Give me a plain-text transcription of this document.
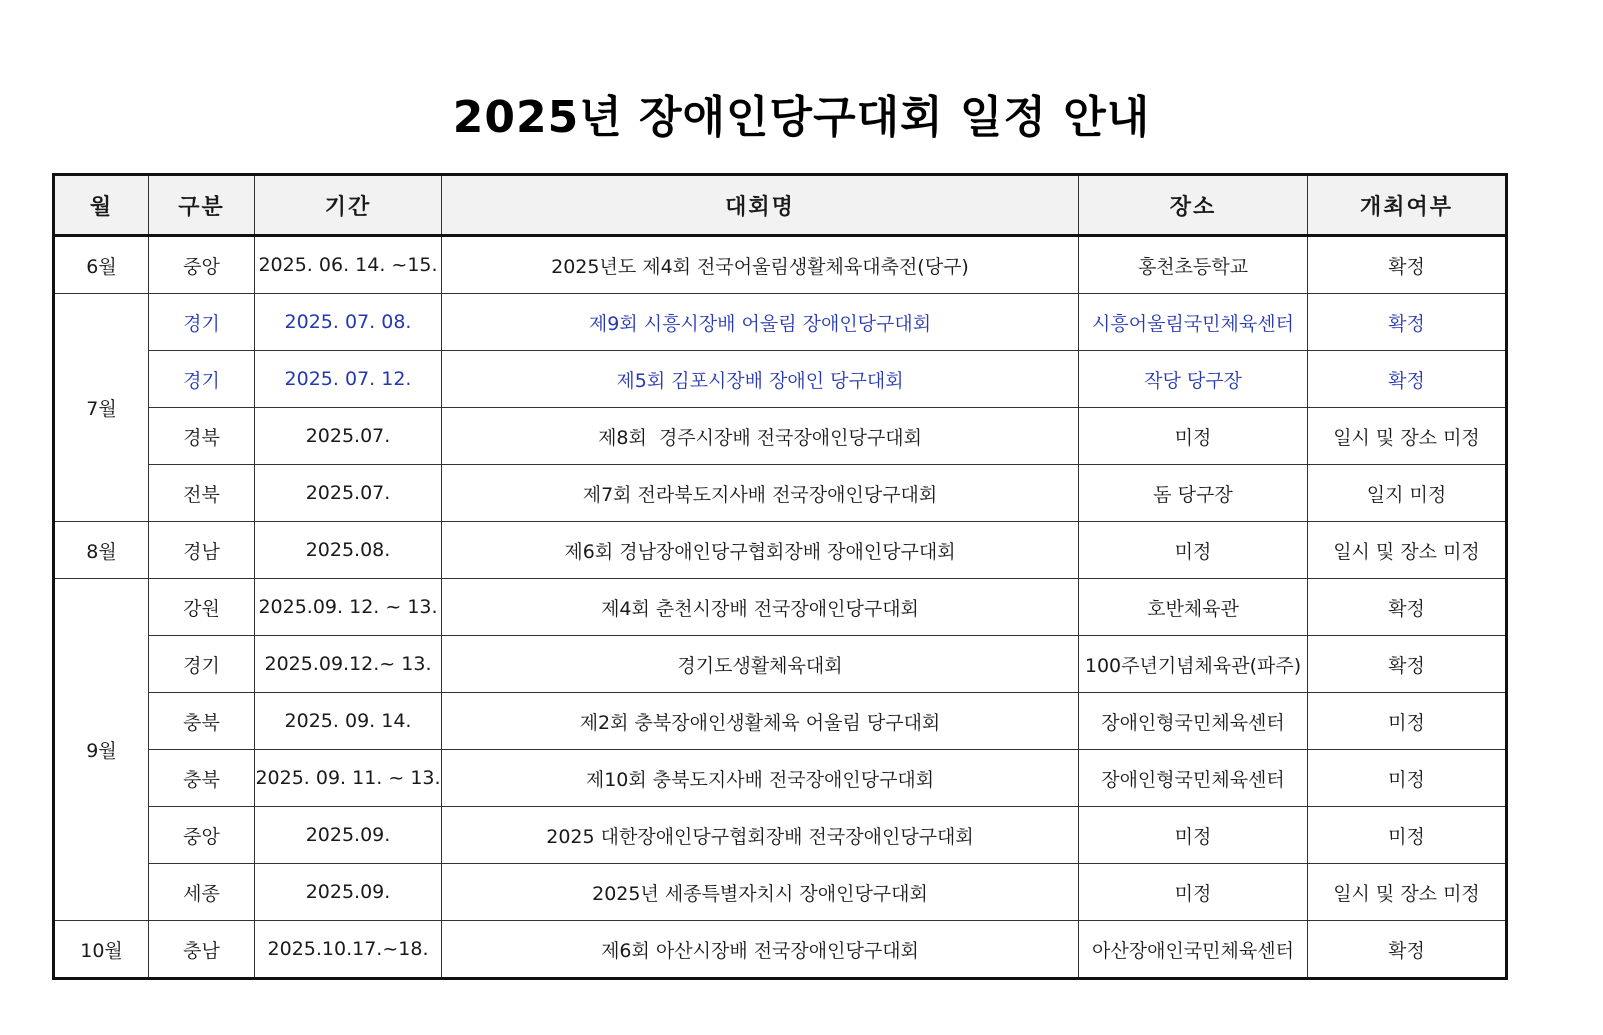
2025년 장애인당구대회 일정 안내
월	구분	기간	대회명	장소	개최여부
6월	중앙	2025. 06. 14. ~15.	2025년도 제4회 전국어울림생활체육대축전(당구)	홍천초등학교	확정
7월	경기	2025. 07. 08.	제9회 시흥시장배 어울림 장애인당구대회	시흥어울림국민체육센터	확정
	경기	2025. 07. 12.	제5회 김포시장배 장애인 당구대회	작당 당구장	확정
	경북	2025.07.	제8회  경주시장배 전국장애인당구대회	미정	일시 및 장소 미정
	전북	2025.07.	제7회 전라북도지사배 전국장애인당구대회	돔 당구장	일지 미정
8월	경남	2025.08.	제6회 경남장애인당구협회장배 장애인당구대회	미정	일시 및 장소 미정
9월	강원	2025.09. 12. ~ 13.	제4회 춘천시장배 전국장애인당구대회	호반체육관	확정
	경기	2025.09.12.~ 13.	경기도생활체육대회	100주년기념체육관(파주)	확정
	충북	2025. 09. 14.	제2회 충북장애인생활체육 어울림 당구대회	장애인형국민체육센터	미정
	충북	2025. 09. 11. ~ 13.	제10회 충북도지사배 전국장애인당구대회	장애인형국민체육센터	미정
	중앙	2025.09.	2025 대한장애인당구협회장배 전국장애인당구대회	미정	미정
	세종	2025.09.	2025년 세종특별자치시 장애인당구대회	미정	일시 및 장소 미정
10월	충남	2025.10.17.~18.	제6회 아산시장배 전국장애인당구대회	아산장애인국민체육센터	확정
